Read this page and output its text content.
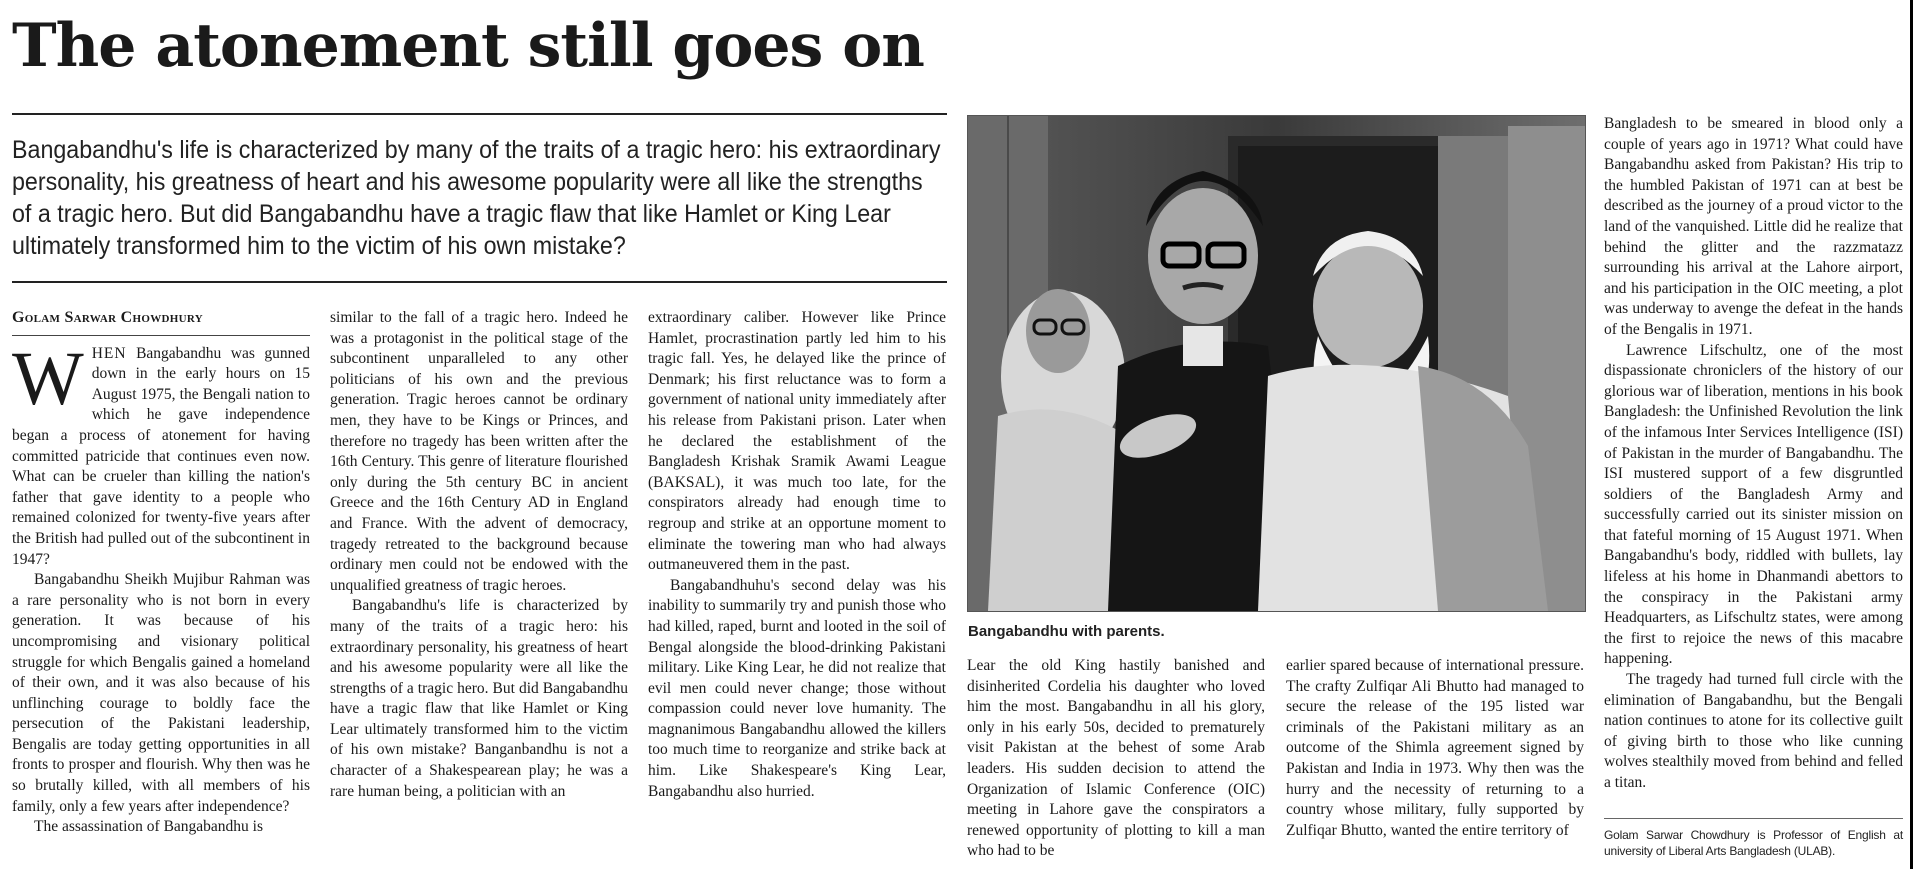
The atonement still goes on

Bangabandhu's life is characterized by many of the traits of a tragic hero: his extraordinary personality, his greatness of heart and his awesome popularity were all like the strengths of a tragic hero. But did Bangabandhu have a tragic flaw that like Hamlet or King Lear ultimately transformed him to the victim of his own mistake?

Golam Sarwar Chowdhury

WHEN Bangabandhu was gunned down in the early hours on 15 August 1975, the Bengali nation to which he gave independence began a process of atonement for having committed patricide that continues even now. What can be crueler than killing the nation's father that gave identity to a people who remained colonized for twenty-five years after the British had pulled out of the subcontinent in 1947?

Bangabandhu Sheikh Mujibur Rahman was a rare personality who is not born in every generation. It was because of his uncompromising and visionary political struggle for which Bengalis gained a homeland of their own, and it was also because of his unflinching courage to boldly face the persecution of the Pakistani leadership, Bengalis are today getting opportunities in all fronts to prosper and flourish. Why then was he so brutally killed, with all members of his family, only a few years after independence?

The assassination of Bangabandhu is

similar to the fall of a tragic hero. Indeed he was a protagonist in the political stage of the subcontinent unparalleled to any other politicians of his own and the previous generation. Tragic heroes cannot be ordinary men, they have to be Kings or Princes, and therefore no tragedy has been written after the 16th Century. This genre of literature flourished only during the 5th century BC in ancient Greece and the 16th Century AD in England and France. With the advent of democracy, tragedy retreated to the background because ordinary men could not be endowed with the unqualified greatness of tragic heroes.

Bangabandhu's life is characterized by many of the traits of a tragic hero: his extraordinary personality, his greatness of heart and his awesome popularity were all like the strengths of a tragic hero. But did Bangabandhu have a tragic flaw that like Hamlet or King Lear ultimately transformed him to the victim of his own mistake? Banganbandhu is not a character of a Shakespearean play; he was a rare human being, a politician with an

extraordinary caliber. However like Prince Hamlet, procrastination partly led him to his tragic fall. Yes, he delayed like the prince of Denmark; his first reluctance was to form a government of national unity immediately after his release from Pakistani prison. Later when he declared the establishment of the Bangladesh Krishak Sramik Awami League (BAKSAL), it was much too late, for the conspirators already had enough time to regroup and strike at an opportune moment to eliminate the towering man who had always outmaneuvered them in the past.

Bangabandhuhu's second delay was his inability to summarily try and punish those who had killed, raped, burnt and looted in the soil of Bengal alongside the blood-drinking Pakistani military. Like King Lear, he did not realize that evil men could never change; those without compassion could never love humanity. The magnanimous Bangabandhu allowed the killers too much time to reorganize and strike back at him. Like Shakespeare's King Lear, Bangabandhu also hurried.

Bangabandhu with parents.

Lear the old King hastily banished and disinherited Cordelia his daughter who loved him the most. Bangabandhu in all his glory, only in his early 50s, decided to prematurely visit Pakistan at the behest of some Arab leaders. His sudden decision to attend the Organization of Islamic Conference (OIC) meeting in Lahore gave the conspirators a renewed opportunity of plotting to kill a man who had to be

earlier spared because of international pressure. The crafty Zulfiqar Ali Bhutto had managed to secure the release of the 195 listed war criminals of the Pakistani military as an outcome of the Shimla agreement signed by Pakistan and India in 1973. Why then was the hurry and the necessity of returning to a country whose military, fully supported by Zulfiqar Bhutto, wanted the entire territory of

Bangladesh to be smeared in blood only a couple of years ago in 1971? What could have Bangabandhu asked from Pakistan? His trip to the humbled Pakistan of 1971 can at best be described as the journey of a proud victor to the land of the vanquished. Little did he realize that behind the glitter and the razzmatazz surrounding his arrival at the Lahore airport, and his participation in the OIC meeting, a plot was underway to avenge the defeat in the hands of the Bengalis in 1971.

Lawrence Lifschultz, one of the most dispassionate chroniclers of the history of our glorious war of liberation, mentions in his book Bangladesh: the Unfinished Revolution the link of the infamous Inter Services Intelligence (ISI) of Pakistan in the murder of Bangabandhu. The ISI mustered support of a few disgruntled soldiers of the Bangladesh Army and successfully carried out its sinister mission on that fateful morning of 15 August 1971. When Bangabandhu's body, riddled with bullets, lay lifeless at his home in Dhanmandi abettors to the conspiracy in the Pakistani army Headquarters, as Lifschultz states, were among the first to rejoice the news of this macabre happening.

The tragedy had turned full circle with the elimination of Bangabandhu, but the Bengali nation continues to atone for its collective guilt of giving birth to those who like cunning wolves stealthily moved from behind and felled a titan.

Golam Sarwar Chowdhury is Professor of English at university of Liberal Arts Bangladesh (ULAB).
